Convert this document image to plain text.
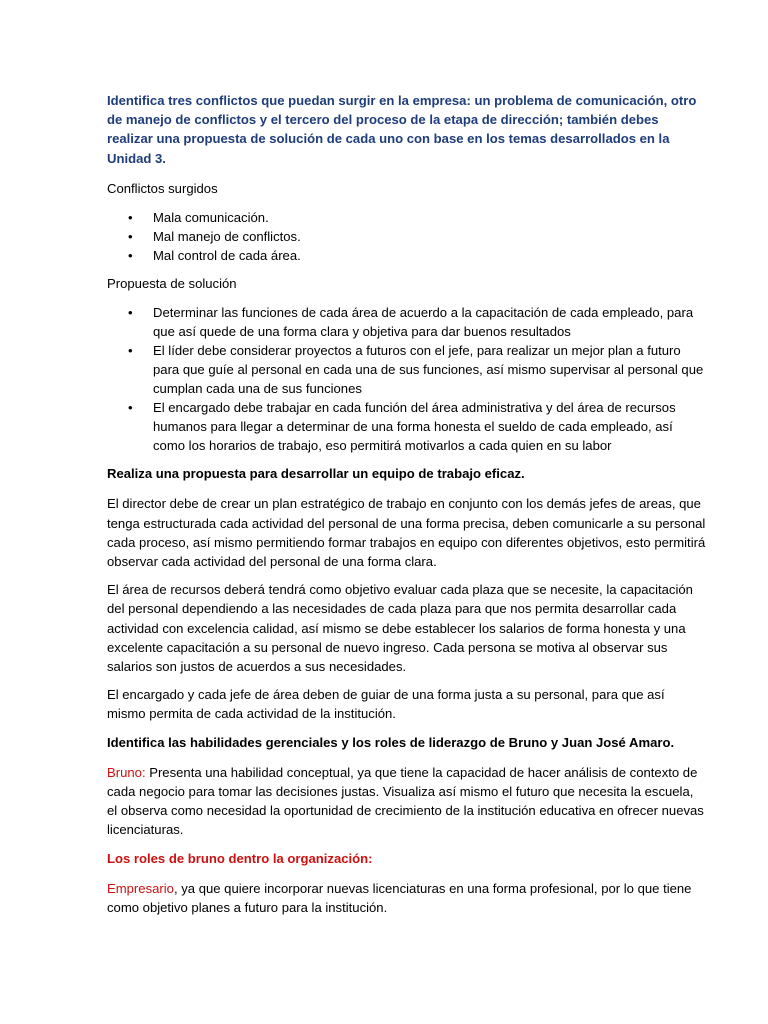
Identifica tres conflictos que puedan surgir en la empresa: un problema de comunicación, otro de manejo de conflictos y el tercero del proceso de la etapa de dirección; también debes realizar una propuesta de solución de cada uno con base en los temas desarrollados en la Unidad 3.

Conflictos surgidos

• Mala comunicación.
• Mal manejo de conflictos.
• Mal control de cada área.

Propuesta de solución

• Determinar las funciones de cada área de acuerdo a la capacitación de cada empleado, para que así quede de una forma clara y objetiva para dar buenos resultados
• El líder debe considerar proyectos a futuros con el jefe, para realizar un mejor plan a futuro para que guíe al personal en cada una de sus funciones, así mismo supervisar al personal que cumplan cada una de sus funciones
• El encargado debe trabajar en cada función del área administrativa y del área de recursos humanos para llegar a determinar de una forma honesta el sueldo de cada empleado, así como los horarios de trabajo, eso permitirá motivarlos a cada quien en su labor

Realiza una propuesta para desarrollar un equipo de trabajo eficaz.

El director debe de crear un plan estratégico de trabajo en conjunto con los demás jefes de areas, que tenga estructurada cada actividad del personal de una forma precisa, deben comunicarle a su personal cada proceso, así mismo permitiendo formar trabajos en equipo con diferentes objetivos, esto permitirá observar cada actividad del personal de una forma clara.

El área de recursos deberá tendrá como objetivo evaluar cada plaza que se necesite, la capacitación del personal dependiendo a las necesidades de cada plaza para que nos permita desarrollar cada actividad con excelencia calidad, así mismo se debe establecer los salarios de forma honesta y una excelente capacitación a su personal de nuevo ingreso. Cada persona se motiva al observar sus salarios son justos de acuerdos a sus necesidades.

El encargado y cada jefe de área deben de guiar de una forma justa a su personal, para que así mismo permita de cada actividad de la institución.

Identifica las habilidades gerenciales y los roles de liderazgo de Bruno y Juan José Amaro.

Bruno: Presenta una habilidad conceptual, ya que tiene la capacidad de hacer análisis de contexto de cada negocio para tomar las decisiones justas. Visualiza así mismo el futuro que necesita la escuela, el observa como necesidad la oportunidad de crecimiento de la institución educativa en ofrecer nuevas licenciaturas.

Los roles de bruno dentro la organización:

Empresario, ya que quiere incorporar nuevas licenciaturas en una forma profesional, por lo que tiene como objetivo planes a futuro para la institución.
